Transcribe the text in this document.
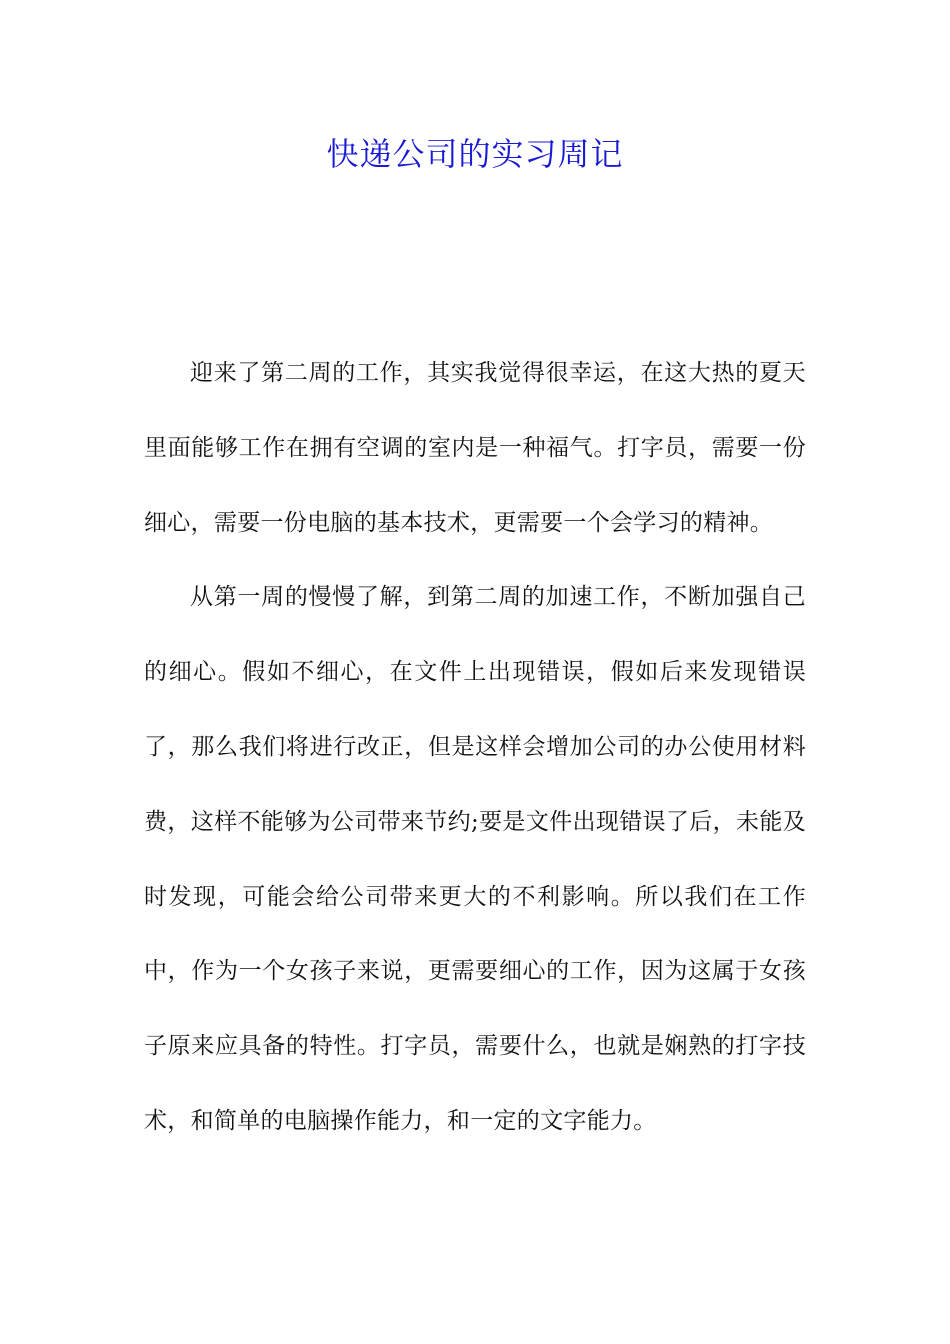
快递公司的实习周记

迎来了第二周的工作，其实我觉得很幸运，在这大热的夏天里面能够工作在拥有空调的室内是一种福气。打字员，需要一份细心，需要一份电脑的基本技术，更需要一个会学习的精神。

从第一周的慢慢了解，到第二周的加速工作，不断加强自己的细心。假如不细心，在文件上出现错误，假如后来发现错误了，那么我们将进行改正，但是这样会增加公司的办公使用材料费，这样不能够为公司带来节约;要是文件出现错误了后，未能及时发现，可能会给公司带来更大的不利影响。所以我们在工作中，作为一个女孩子来说，更需要细心的工作，因为这属于女孩子原来应具备的特性。打字员，需要什么，也就是娴熟的打字技术，和简单的电脑操作能力，和一定的文字能力。
